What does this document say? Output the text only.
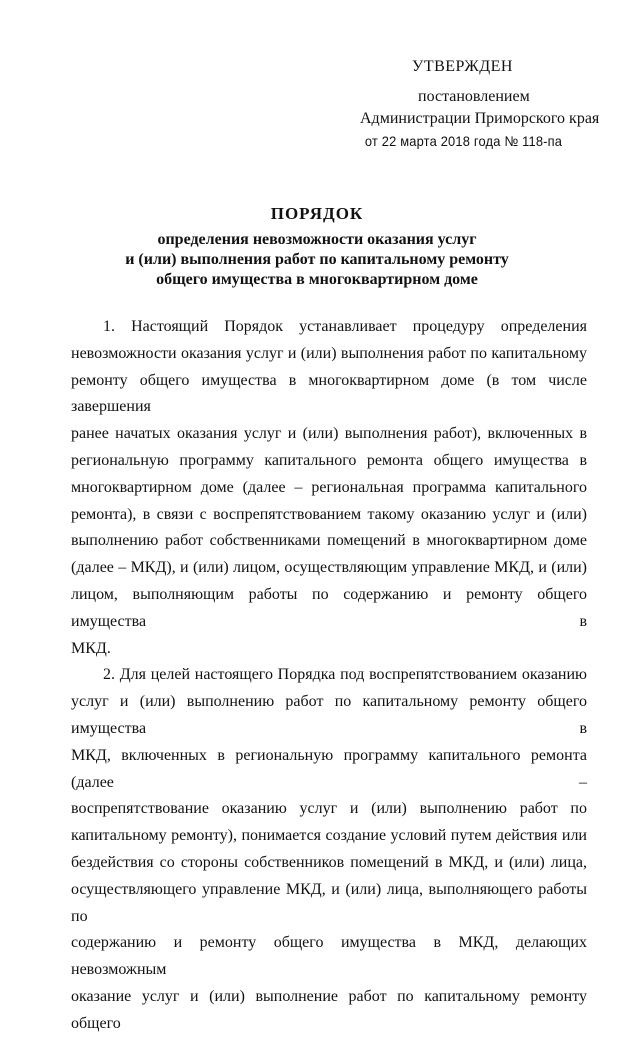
УТВЕРЖДЕН
постановлением
Администрации Приморского края
от 22 марта 2018 года № 118-па
ПОРЯДОК
определения невозможности оказания услуг
и (или) выполнения работ по капитальному ремонту
общего имущества в многоквартирном доме
1. Настоящий Порядок устанавливает процедуру определения
невозможности оказания услуг и (или) выполнения работ по капитальному
ремонту общего имущества в многоквартирном доме (в том числе завершения
ранее начатых оказания услуг и (или) выполнения работ), включенных в
региональную программу капитального ремонта общего имущества в
многоквартирном доме (далее – региональная программа капитального
ремонта), в связи с воспрепятствованием такому оказанию услуг и (или)
выполнению работ собственниками помещений в многоквартирном доме
(далее – МКД), и (или) лицом, осуществляющим управление МКД, и (или)
лицом, выполняющим работы по содержанию и ремонту общего имущества в
МКД.
2. Для целей настоящего Порядка под воспрепятствованием оказанию
услуг и (или) выполнению работ по капитальному ремонту общего имущества в
МКД, включенных в региональную программу капитального ремонта (далее –
воспрепятствование оказанию услуг и (или) выполнению работ по
капитальному ремонту), понимается создание условий путем действия или
бездействия со стороны собственников помещений в МКД, и (или) лица,
осуществляющего управление МКД, и (или) лица, выполняющего работы по
содержанию и ремонту общего имущества в МКД, делающих невозможным
оказание услуг и (или) выполнение работ по капитальному ремонту общего
